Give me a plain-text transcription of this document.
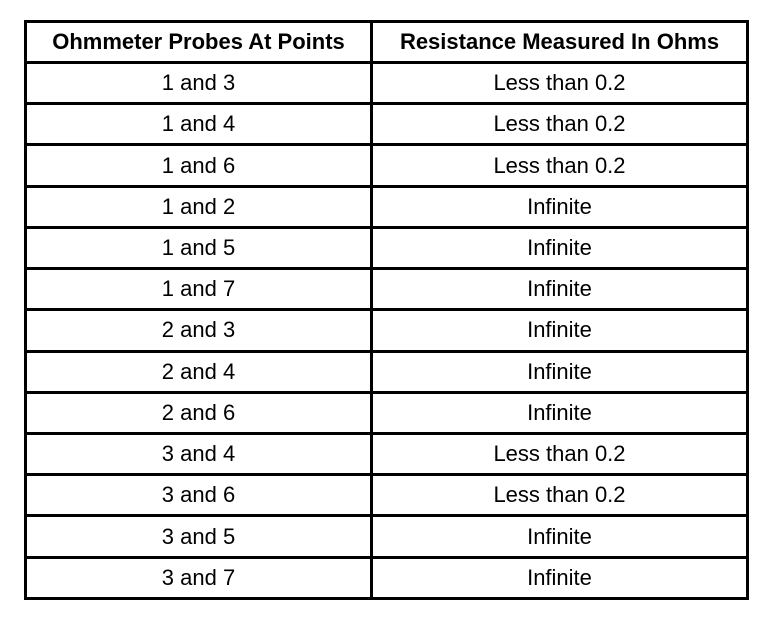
Ohmmeter Probes At Points	Resistance Measured In Ohms
1 and 3	Less than 0.2
1 and 4	Less than 0.2
1 and 6	Less than 0.2
1 and 2	Infinite
1 and 5	Infinite
1 and 7	Infinite
2 and 3	Infinite
2 and 4	Infinite
2 and 6	Infinite
3 and 4	Less than 0.2
3 and 6	Less than 0.2
3 and 5	Infinite
3 and 7	Infinite
